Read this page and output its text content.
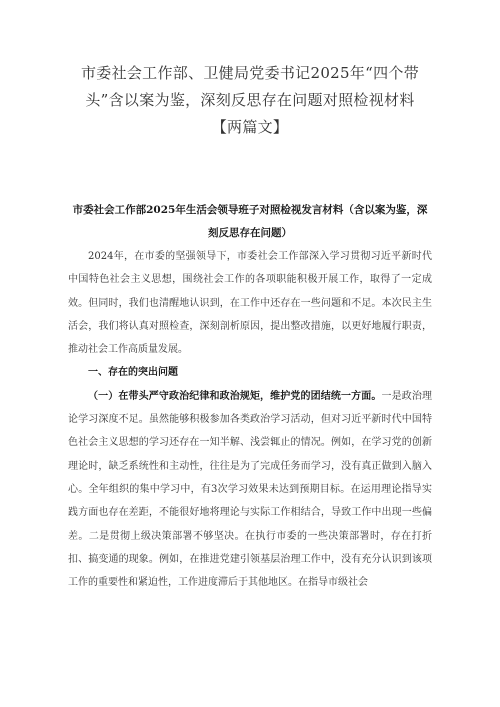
市委社会工作部、卫健局党委书记2025年“四个带头”含以案为鉴，深刻反思存在问题对照检视材料【两篇文】
市委社会工作部2025年生活会领导班子对照检视发言材料（含以案为鉴，深刻反思存在问题）

2024年，在市委的坚强领导下，市委社会工作部深入学习贯彻习近平新时代中国特色社会主义思想，围绕社会工作的各项职能积极开展工作，取得了一定成效。但同时，我们也清醒地认识到，在工作中还存在一些问题和不足。本次民主生活会，我们将认真对照检查，深刻剖析原因，提出整改措施，以更好地履行职责，推动社会工作高质量发展。

一、存在的突出问题

（一）在带头严守政治纪律和政治规矩，维护党的团结统一方面。一是政治理论学习深度不足。虽然能够积极参加各类政治学习活动，但对习近平新时代中国特色社会主义思想的学习还存在一知半解、浅尝辄止的情况。例如，在学习党的创新理论时，缺乏系统性和主动性，往往是为了完成任务而学习，没有真正做到入脑入心。全年组织的集中学习中，有3次学习效果未达到预期目标。在运用理论指导实践方面也存在差距，不能很好地将理论与实际工作相结合，导致工作中出现一些偏差。二是贯彻上级决策部署不够坚决。在执行市委的一些决策部署时，存在打折扣、搞变通的现象。例如，在推进党建引领基层治理工作中，没有充分认识到该项工作的重要性和紧迫性，工作进度滞后于其他地区。在指导市级社会
